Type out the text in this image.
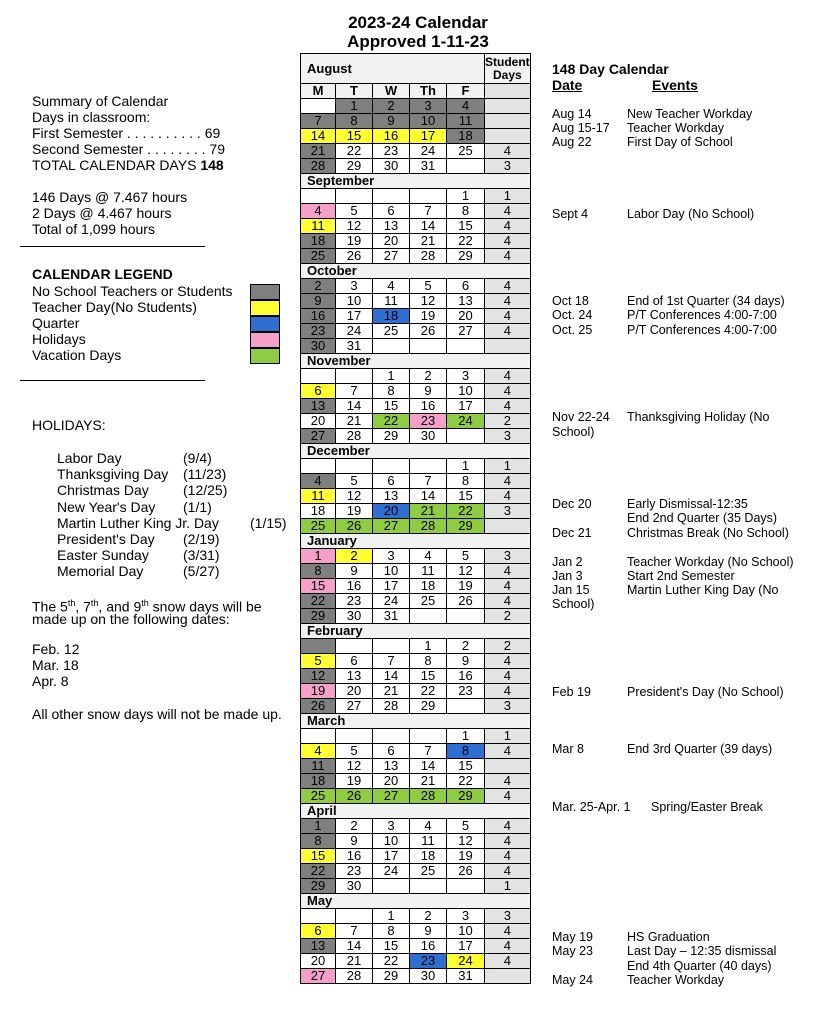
2023-24 Calendar
Approved 1-11-23
Summary of Calendar
Days in classroom:
First Semester . . . . . . . . . . 69
Second Semester . . . . . . . . 79
TOTAL CALENDAR DAYS 148
146 Days @ 7.467 hours
2 Days @ 4.467 hours
Total of 1,099 hours
CALENDAR LEGEND
No School Teachers or Students
Teacher Day(No Students)
Quarter
Holidays
Vacation Days
HOLIDAYS:
Labor Day	(9/4)
Thanksgiving Day (11/23)
Christmas Day (12/25)
New Year's Day (1/1)
Martin Luther King Jr. Day (1/15)
President's Day (2/19)
Easter Sunday (3/31)
Memorial Day	(5/27)
The 5th, 7th, and 9th snow days will be
made up on the following dates:
Feb. 12
Mar. 18
Apr. 8
All other snow days will not be made up.
August					Student Days
M	T	W	Th	F	
	1	2	3	4	
7	8	9	10	11	
14	15	16	17	18	
21	22	23	24	25	4
28	29	30	31		3
September					
				1	1
4	5	6	7	8	4
11	12	13	14	15	4
18	19	20	21	22	4
25	26	27	28	29	4
October					
2	3	4	5	6	4
9	10	11	12	13	4
16	17	18	19	20	4
23	24	25	26	27	4
30	31				
November					
		1	2	3	4
6	7	8	9	10	4
13	14	15	16	17	4
20	21	22	23	24	2
27	28	29	30		3
December					
				1	1
4	5	6	7	8	4
11	12	13	14	15	4
18	19	20	21	22	3
25	26	27	28	29	
January					
1	2	3	4	5	3
8	9	10	11	12	4
15	16	17	18	19	4
22	23	24	25	26	4
29	30	31			2
February					
			1	2	2
5	6	7	8	9	4
12	13	14	15	16	4
19	20	21	22	23	4
26	27	28	29		3
March					
				1	1
4	5	6	7	8	4
11	12	13	14	15	
18	19	20	21	22	4
25	26	27	28	29	4
April					
1	2	3	4	5	4
8	9	10	11	12	4
15	16	17	18	19	4
22	23	24	25	26	4
29	30				1
May					
		1	2	3	3
6	7	8	9	10	4
13	14	15	16	17	4
20	21	22	23	24	4
27	28	29	30	31	
148 Day Calendar
Date	Events
Aug 14	New Teacher Workday
Aug 15-17 Teacher Workday
Aug 22	First Day of School
Sept 4	Labor Day (No School)
Oct 18	End of 1st Quarter (34 days)
Oct. 24	P/T Conferences 4:00-7:00
Oct. 25	P/T Conferences 4:00-7:00
Nov 22-24 Thanksgiving Holiday (No
School)
Dec 20	Early Dismissal-12:35
End 2nd Quarter (35 Days)
Dec 21	Christmas Break (No School)
Jan 2	Teacher Workday (No School)
Jan 3	Start 2nd Semester
Jan 15	Martin Luther King Day (No
School)
Feb 19	President's Day (No School)
Mar 8	End 3rd Quarter (39 days)
Mar. 25-Apr. 1 Spring/Easter Break
May 19	HS Graduation
May 23	Last Day – 12:35 dismissal
End 4th Quarter (40 days)
May 24	Teacher Workday
